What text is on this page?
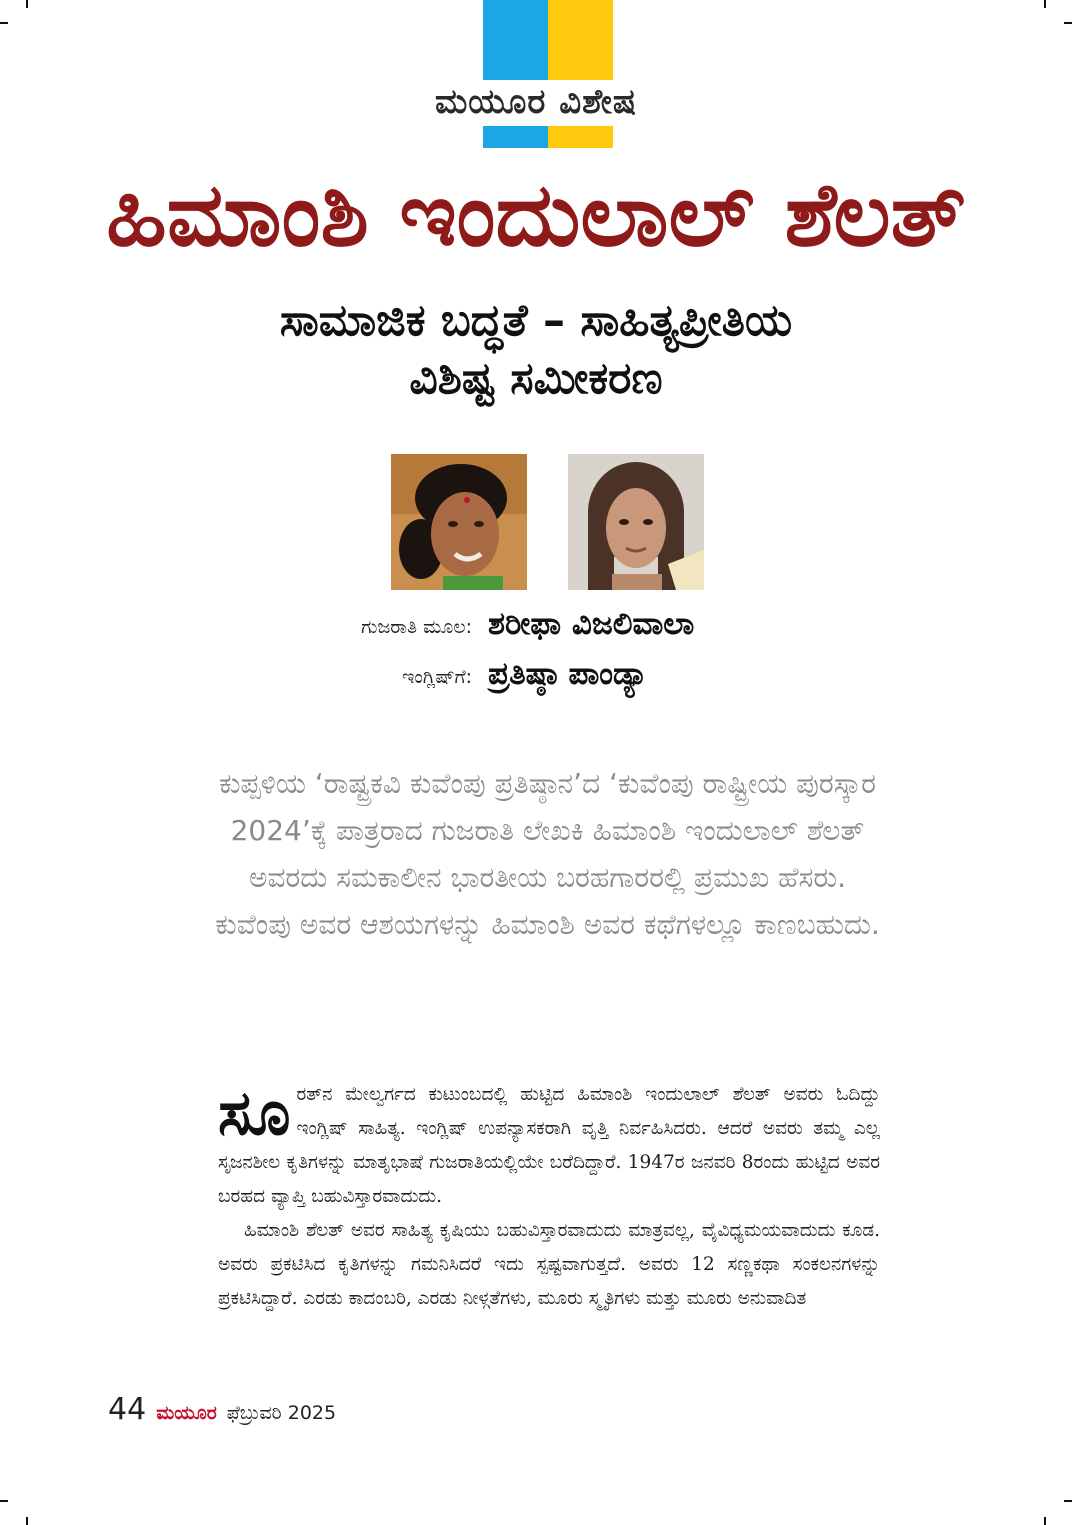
ಮಯೂರ ವಿಶೇಷ
ಹಿಮಾಂಶಿ ಇಂದುಲಾಲ್ ಶೆಲತ್
ಸಾಮಾಜಿಕ ಬದ್ಧತೆ – ಸಾಹಿತ್ಯಪ್ರೀತಿಯ
ವಿಶಿಷ್ಟ ಸಮೀಕರಣ
ಗುಜರಾತಿ ಮೂಲ: ಶರೀಫಾ ವಿಜಲಿವಾಲಾ
ಇಂಗ್ಲಿಷ್‌ಗೆ: ಪ್ರತಿಷ್ಠಾ ಪಾಂಡ್ಯಾ

ಕುಪ್ಪಳಿಯ ‘ರಾಷ್ಟ್ರಕವಿ ಕುವೆಂಪು ಪ್ರತಿಷ್ಠಾನ’ದ ‘ಕುವೆಂಪು ರಾಷ್ಟ್ರೀಯ ಪುರಸ್ಕಾರ 2024’ಕ್ಕೆ ಪಾತ್ರರಾದ ಗುಜರಾತಿ ಲೇಖಕಿ ಹಿಮಾಂಶಿ ಇಂದುಲಾಲ್ ಶೆಲತ್ ಅವರದು ಸಮಕಾಲೀನ ಭಾರತೀಯ ಬರಹಗಾರರಲ್ಲಿ ಪ್ರಮುಖ ಹೆಸರು. ಕುವೆಂಪು ಅವರ ಆಶಯಗಳನ್ನು ಹಿಮಾಂಶಿ ಅವರ ಕಥೆಗಳಲ್ಲೂ ಕಾಣಬಹುದು.

ಸೂ ರತ್‌ನ ಮೇಲ್ವರ್ಗದ ಕುಟುಂಬದಲ್ಲಿ ಹುಟ್ಟಿದ ಹಿಮಾಂಶಿ ಇಂದುಲಾಲ್ ಶೆಲತ್ ಅವರು ಓದಿದ್ದು ಇಂಗ್ಲಿಷ್ ಸಾಹಿತ್ಯ. ಇಂಗ್ಲಿಷ್ ಉಪನ್ಯಾಸಕರಾಗಿ ವೃತ್ತಿ ನಿರ್ವಹಿಸಿದರು. ಆದರೆ ಅವರು ತಮ್ಮ ಎಲ್ಲ ಸೃಜನಶೀಲ ಕೃತಿಗಳನ್ನು ಮಾತೃಭಾಷೆ ಗುಜರಾತಿಯಲ್ಲಿಯೇ ಬರೆದಿದ್ದಾರೆ. 1947ರ ಜನವರಿ 8ರಂದು ಹುಟ್ಟಿದ ಅವರ ಬರಹದ ವ್ಯಾಪ್ತಿ ಬಹುವಿಸ್ತಾರವಾದುದು.

ಹಿಮಾಂಶಿ ಶೆಲತ್ ಅವರ ಸಾಹಿತ್ಯ ಕೃಷಿಯು ಬಹುವಿಸ್ತಾರವಾದುದು ಮಾತ್ರವಲ್ಲ, ವೈವಿಧ್ಯಮಯವಾದುದು ಕೂಡ. ಅವರು ಪ್ರಕಟಿಸಿದ ಕೃತಿಗಳನ್ನು ಗಮನಿಸಿದರೆ ಇದು ಸ್ಪಷ್ಟವಾಗುತ್ತದೆ. ಅವರು 12 ಸಣ್ಣಕಥಾ ಸಂಕಲನಗಳನ್ನು ಪ್ರಕಟಿಸಿದ್ದಾರೆ. ಎರಡು ಕಾದಂಬರಿ, ಎರಡು ನೀಳ್ಗತೆಗಳು, ಮೂರು ಸ್ಮೃತಿಗಳು ಮತ್ತು ಮೂರು ಅನುವಾದಿತ

44 ಮಯೂರ ಫೆಬ್ರುವರಿ 2025
